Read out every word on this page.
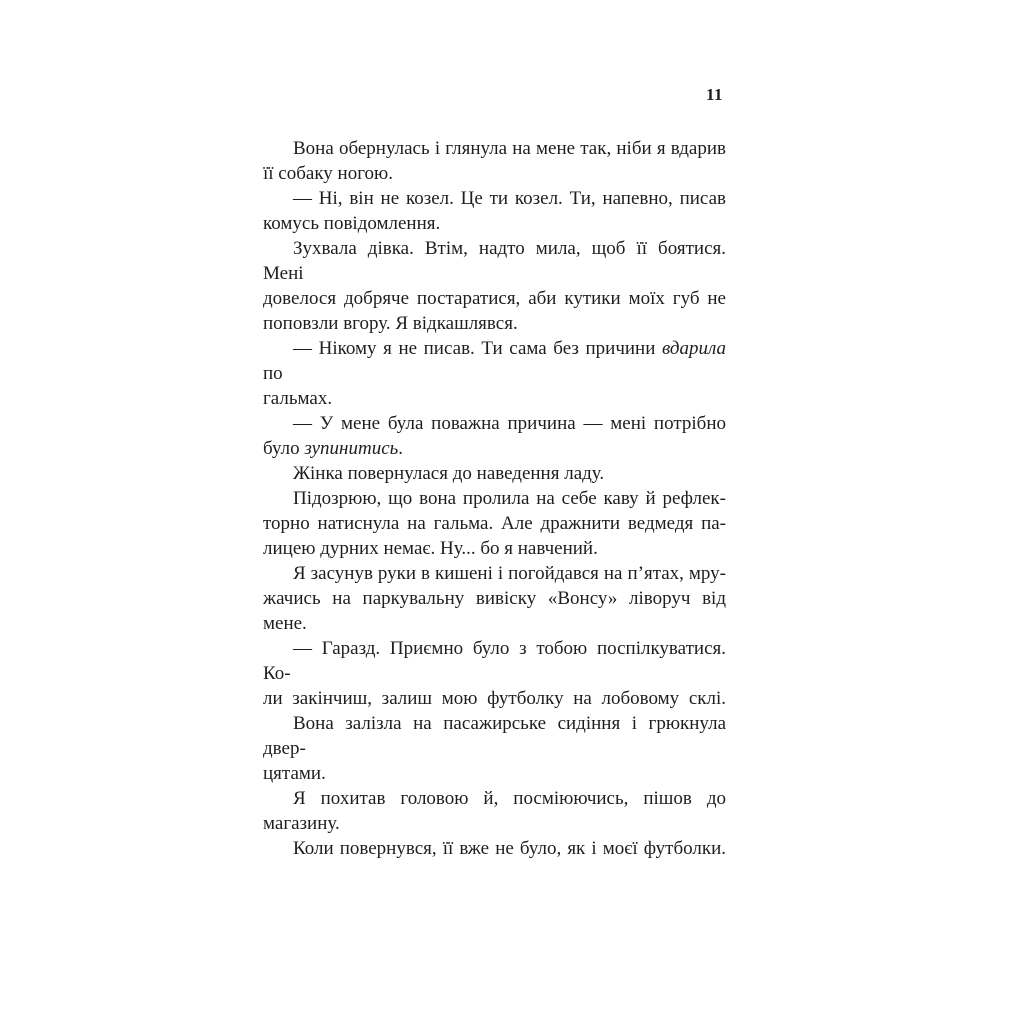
11
Вона обернулась і глянула на мене так, ніби я вдарив
її собаку ногою.
— Ні, він не козел. Це ти козел. Ти, напевно, писав
комусь повідомлення.
Зухвала дівка. Втім, надто мила, щоб її боятися. Мені
довелося добряче постаратися, аби кутики моїх губ не
поповзли вгору. Я відкашлявся.
— Нікому я не писав. Ти сама без причини вдарила по
гальмах.
— У мене була поважна причина — мені потрібно
було зупинитись.
Жінка повернулася до наведення ладу.
Підозрюю, що вона пролила на себе каву й рефлек-
торно натиснула на гальма. Але дражнити ведмедя па-
лицею дурних немає. Ну... бо я навчений.
Я засунув руки в кишені і погойдався на п’ятах, мру-
жачись на паркувальну вивіску «Вонсу» ліворуч від мене.
— Гаразд. Приємно було з тобою поспілкуватися. Ко-
ли закінчиш, залиш мою футболку на лобовому склі.
Вона залізла на пасажирське сидіння і грюкнула двер-
цятами.
Я похитав головою й, посміюючись, пішов до магазину.
Коли повернувся, її вже не було, як і моєї футболки.
